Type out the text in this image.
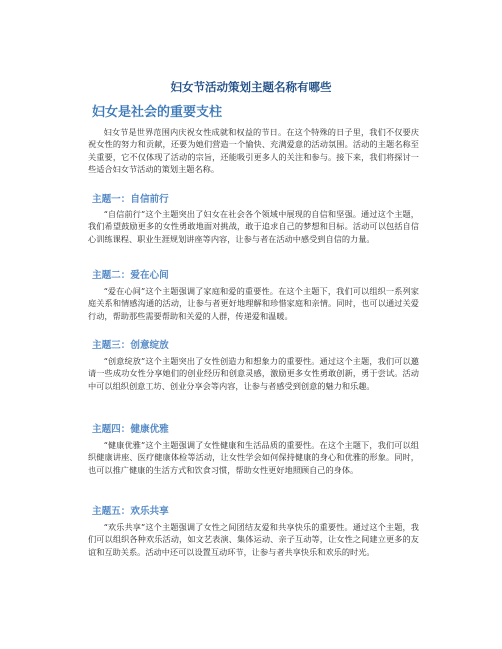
妇女节活动策划主题名称有哪些
妇女是社会的重要支柱

妇女节是世界范围内庆祝女性成就和权益的节日。在这个特殊的日子里，我们不仅要庆祝女性的努力和贡献，还要为她们营造一个愉快、充满爱意的活动氛围。活动的主题名称至关重要，它不仅体现了活动的宗旨，还能吸引更多人的关注和参与。接下来，我们将探讨一些适合妇女节活动的策划主题名称。

主题一：自信前行

“自信前行”这个主题突出了妇女在社会各个领域中展现的自信和坚强。通过这个主题，我们希望鼓励更多的女性勇敢地面对挑战，敢于追求自己的梦想和目标。活动可以包括自信心训练课程、职业生涯规划讲座等内容，让参与者在活动中感受到自信的力量。

主题二：爱在心间

“爱在心间”这个主题强调了家庭和爱的重要性。在这个主题下，我们可以组织一系列家庭关系和情感沟通的活动，让参与者更好地理解和珍惜家庭和亲情。同时，也可以通过关爱行动，帮助那些需要帮助和关爱的人群，传递爱和温暖。

主题三：创意绽放

“创意绽放”这个主题突出了女性创造力和想象力的重要性。通过这个主题，我们可以邀请一些成功女性分享她们的创业经历和创意灵感，激励更多女性勇敢创新，勇于尝试。活动中可以组织创意工坊、创业分享会等内容，让参与者感受到创意的魅力和乐趣。

主题四：健康优雅

“健康优雅”这个主题强调了女性健康和生活品质的重要性。在这个主题下，我们可以组织健康讲座、医疗健康体检等活动，让女性学会如何保持健康的身心和优雅的形象。同时，也可以推广健康的生活方式和饮食习惯，帮助女性更好地照顾自己的身体。

主题五：欢乐共享

“欢乐共享”这个主题强调了女性之间团结友爱和共享快乐的重要性。通过这个主题，我们可以组织各种欢乐活动，如文艺表演、集体运动、亲子互动等，让女性之间建立更多的友谊和互助关系。活动中还可以设置互动环节，让参与者共享快乐和欢乐的时光。
